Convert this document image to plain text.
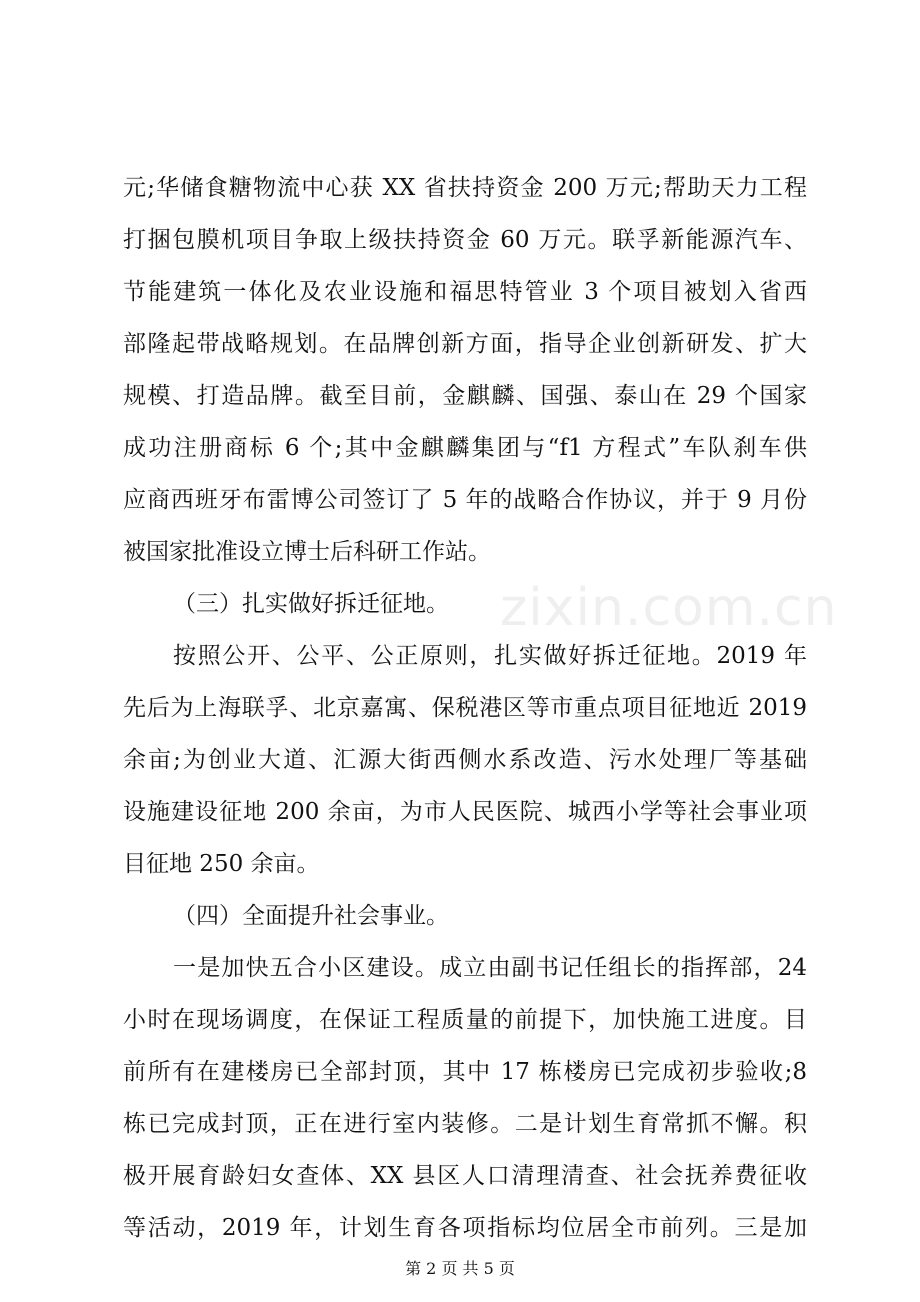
zixin.com.cn
元;华储食糖物流中心获 XX 省扶持资金 200 万元;帮助天力工程
打捆包膜机项目争取上级扶持资金 60 万元。联孚新能源汽车、
节能建筑一体化及农业设施和福思特管业 3 个项目被划入省西
部隆起带战略规划。在品牌创新方面，指导企业创新研发、扩大
规模、打造品牌。截至目前，金麒麟、国强、泰山在 29 个国家
成功注册商标 6 个;其中金麒麟集团与“f1 方程式”车队刹车供
应商西班牙布雷博公司签订了 5 年的战略合作协议，并于 9 月份
被国家批准设立博士后科研工作站。
（三）扎实做好拆迁征地。
按照公开、公平、公正原则，扎实做好拆迁征地。2019 年
先后为上海联孚、北京嘉寓、保税港区等市重点项目征地近 2019
余亩;为创业大道、汇源大街西侧水系改造、污水处理厂等基础
设施建设征地 200 余亩，为市人民医院、城西小学等社会事业项
目征地 250 余亩。
（四）全面提升社会事业。
一是加快五合小区建设。成立由副书记任组长的指挥部，24
小时在现场调度，在保证工程质量的前提下，加快施工进度。目
前所有在建楼房已全部封顶，其中 17 栋楼房已完成初步验收;8
栋已完成封顶，正在进行室内装修。二是计划生育常抓不懈。积
极开展育龄妇女查体、XX 县区人口清理清查、社会抚养费征收
等活动，2019 年，计划生育各项指标均位居全市前列。三是加
第 2 页 共 5 页
